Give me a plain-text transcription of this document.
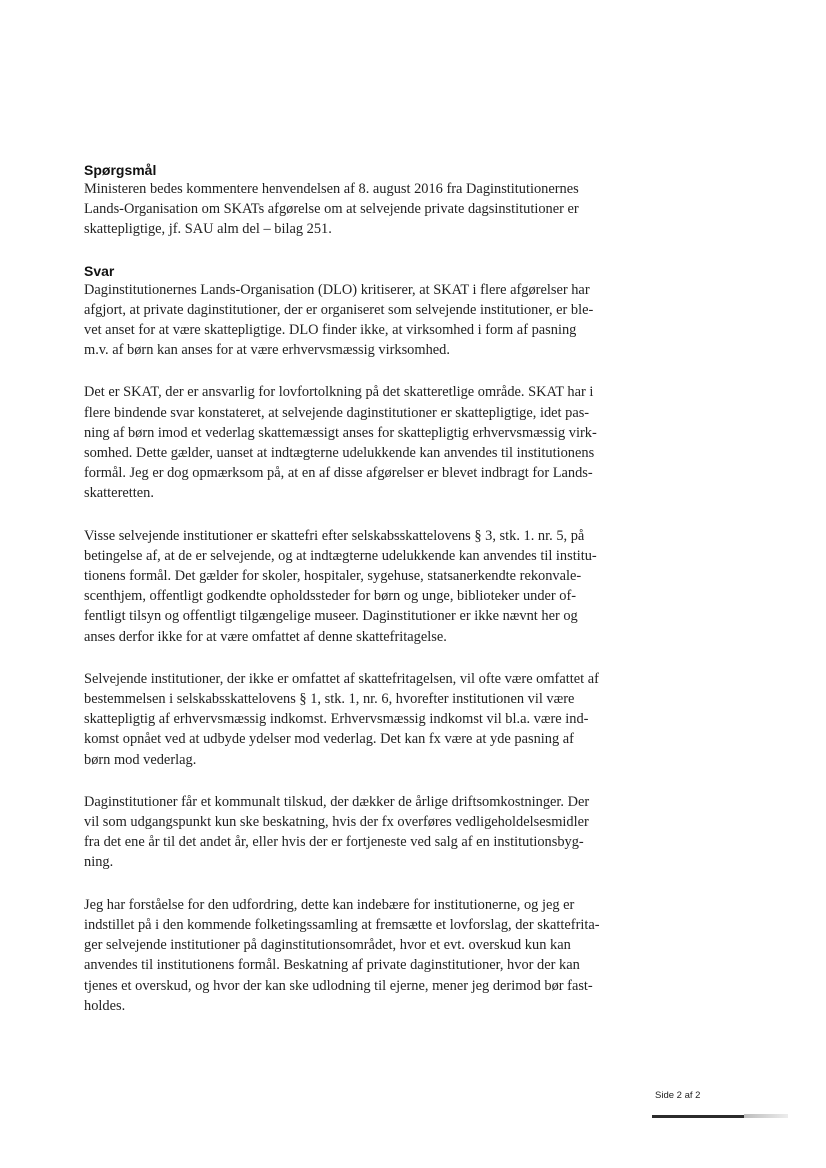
Spørgsmål

Ministeren bedes kommentere henvendelsen af 8. august 2016 fra Daginstitutionernes
Lands-Organisation om SKATs afgørelse om at selvejende private dagsinstitutioner er
skattepligtige, jf. SAU alm del – bilag 251.

Svar

Daginstitutionernes Lands-Organisation (DLO) kritiserer, at SKAT i flere afgørelser har
afgjort, at private daginstitutioner, der er organiseret som selvejende institutioner, er ble-
vet anset for at være skattepligtige. DLO finder ikke, at virksomhed i form af pasning
m.v. af børn kan anses for at være erhvervsmæssig virksomhed.

Det er SKAT, der er ansvarlig for lovfortolkning på det skatteretlige område. SKAT har i
flere bindende svar konstateret, at selvejende daginstitutioner er skattepligtige, idet pas-
ning af børn imod et vederlag skattemæssigt anses for skattepligtig erhvervsmæssig virk-
somhed. Dette gælder, uanset at indtægterne udelukkende kan anvendes til institutionens
formål. Jeg er dog opmærksom på, at en af disse afgørelser er blevet indbragt for Lands-
skatteretten.

Visse selvejende institutioner er skattefri efter selskabsskattelovens § 3, stk. 1. nr. 5, på
betingelse af, at de er selvejende, og at indtægterne udelukkende kan anvendes til institu-
tionens formål. Det gælder for skoler, hospitaler, sygehuse, statsanerkendte rekonvale-
scenthjem, offentligt godkendte opholdssteder for børn og unge, biblioteker under of-
fentligt tilsyn og offentligt tilgængelige museer. Daginstitutioner er ikke nævnt her og
anses derfor ikke for at være omfattet af denne skattefritagelse.

Selvejende institutioner, der ikke er omfattet af skattefritagelsen, vil ofte være omfattet af
bestemmelsen i selskabsskattelovens § 1, stk. 1, nr. 6, hvorefter institutionen vil være
skattepligtig af erhvervsmæssig indkomst. Erhvervsmæssig indkomst vil bl.a. være ind-
komst opnået ved at udbyde ydelser mod vederlag. Det kan fx være at yde pasning af
børn mod vederlag.

Daginstitutioner får et kommunalt tilskud, der dækker de årlige driftsomkostninger. Der
vil som udgangspunkt kun ske beskatning, hvis der fx overføres vedligeholdelsesmidler
fra det ene år til det andet år, eller hvis der er fortjeneste ved salg af en institutionsbyg-
ning.

Jeg har forståelse for den udfordring, dette kan indebære for institutionerne, og jeg er
indstillet på i den kommende folketingssamling at fremsætte et lovforslag, der skattefrita-
ger selvejende institutioner på daginstitutionsområdet, hvor et evt. overskud kun kan
anvendes til institutionens formål. Beskatning af private daginstitutioner, hvor der kan
tjenes et overskud, og hvor der kan ske udlodning til ejerne, mener jeg derimod bør fast-
holdes.

Side 2 af 2
